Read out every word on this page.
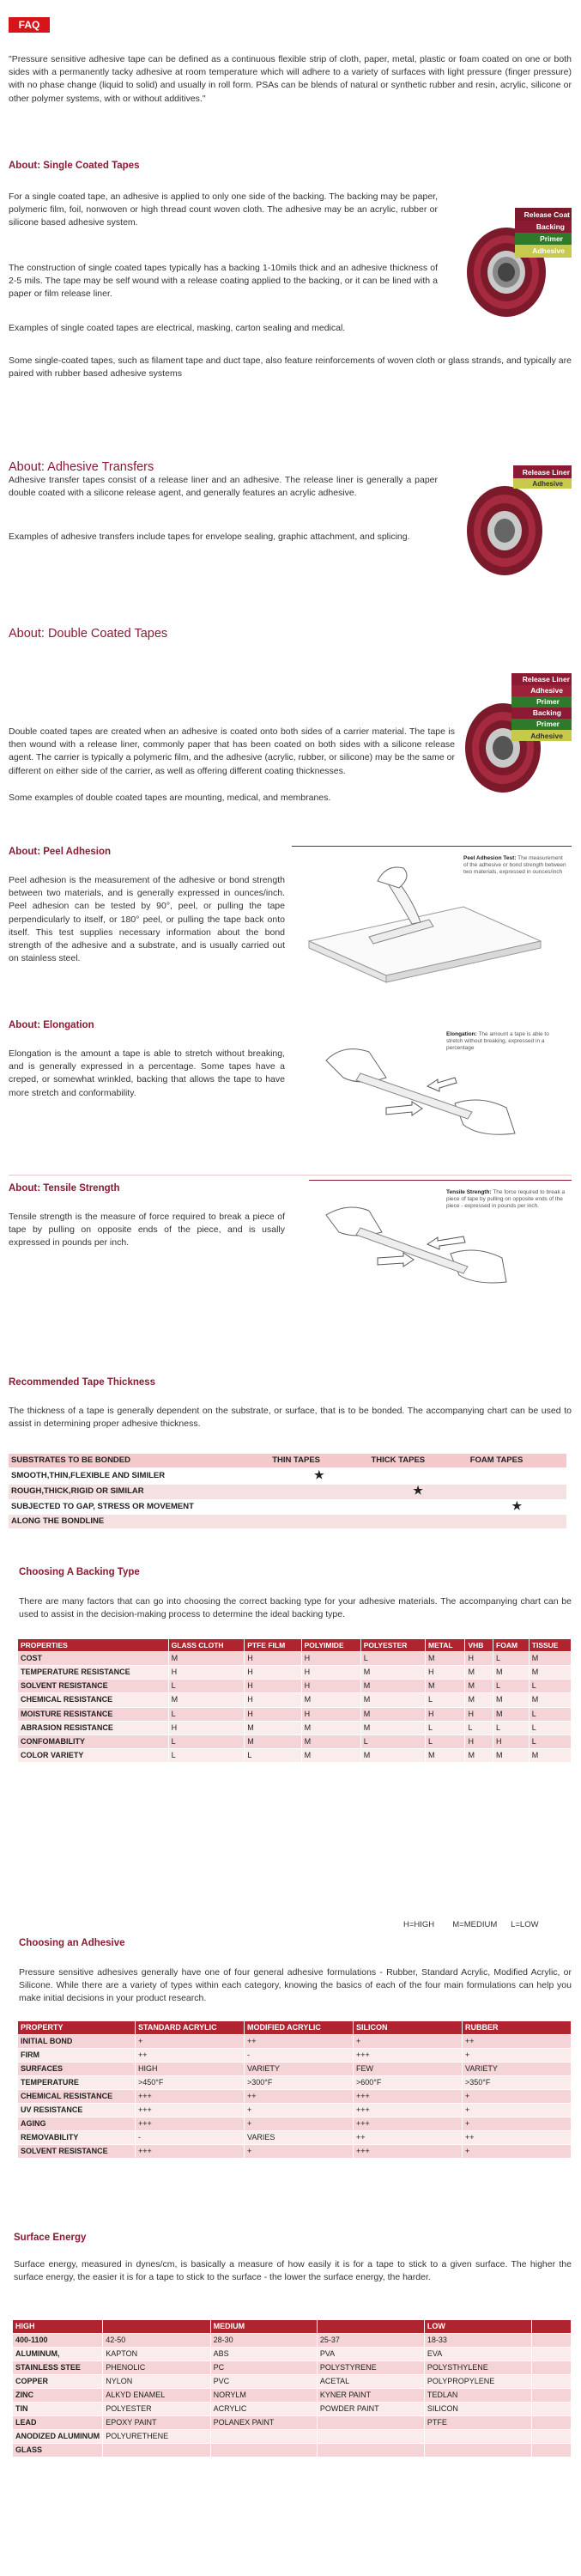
FAQ
"Pressure sensitive adhesive tape can be defined as a continuous flexible strip of cloth, paper, metal, plastic or foam coated on one or both sides with a permanently tacky adhesive at room temperature which will adhere to a variety of surfaces with light pressure (finger pressure) with no phase change (liquid to solid) and usually in roll form. PSAs can be blends of natural or synthetic rubber and resin, acrylic, silicone or other polymer systems, with or without additives."
About: Single Coated Tapes
For a single coated tape, an adhesive is applied to only one side of the backing. The backing may be paper, polymeric film, foil, nonwoven or high thread count woven cloth. The adhesive may be an acrylic, rubber or silicone based adhesive system.
The construction of single coated tapes typically has a backing 1-10mils thick and an adhesive thickness of 2-5 mils. The tape may be self wound with a release coating applied to the backing, or it can be lined with a paper or film release liner.
Examples of single coated tapes are electrical, masking, carton sealing and medical.
Some single-coated tapes, such as filament tape and duct tape, also feature reinforcements of woven cloth or glass strands, and typically are paired with rubber based adhesive systems
Release Coat
Backing
Primer
Adhesive
About: Adhesive Transfers
Adhesive transfer tapes consist of a release liner and an adhesive. The release liner is generally a paper double coated with a silicone release agent, and generally features an acrylic adhesive.
Examples of adhesive transfers include tapes for envelope sealing, graphic attachment, and splicing.
Release Liner
Adhesive
About: Double Coated Tapes
Double coated tapes are created when an adhesive is coated onto both sides of a carrier material. The tape is then wound with a release liner, commonly paper that has been coated on both sides with a silicone release agent. The carrier is typically a polymeric film, and the adhesive (acrylic, rubber, or silicone) may be the same or different on either side of the carrier, as well as offering different coating thicknesses.
Some examples of double coated tapes are mounting, medical, and membranes.
Release Liner
Adhesive
Primer
Backing
Primer
Adhesive
About: Peel Adhesion
Peel adhesion is the measurement of the adhesive or bond strength between two materials, and is generally expressed in ounces/inch. Peel adhesion can be tested by 90°, peel, or pulling the tape perpendicularly to itself, or 180° peel, or pulling the tape back onto itself. This test supplies necessary information about the bond strength of the adhesive and a substrate, and is usually carried out on stainless steel.
Peel Adhesion Test: The measurement of the adhesive or bond strength between two materials, expressed in ounces/inch
About: Elongation
Elongation is the amount a tape is able to stretch without breaking, and is generally expressed in a percentage. Some tapes have a creped, or somewhat wrinkled, backing that allows the tape to have more stretch and conformability.
Elongation: The amount a tape is able to stretch without breaking, expressed in a percentage
About: Tensile Strength
Tensile strength is the measure of force required to break a piece of tape by pulling on opposite ends of the piece, and is usally expressed in pounds per inch.
Tensile Strength: The force required to break a piece of tape by pulling on opposite ends of the piece - expressed in pounds per inch.
Recommended Tape Thickness
The thickness of a tape is generally dependent on the substrate, or surface, that is to be bonded. The accompanying chart can be used to assist in determining proper adhesive thickness.
SUBSTRATES TO BE BONDED	THIN TAPES	THICK TAPES	FOAM TAPES
SMOOTH,THIN,FLEXIBLE AND SIMILER	★		
ROUGH,THICK,RIGID OR SIMILAR		★	
SUBJECTED TO GAP, STRESS OR MOVEMENT			★
ALONG THE BONDLINE			
Choosing A Backing Type
There are many factors that can go into choosing the correct backing type for your adhesive materials. The accompanying chart can be used to assist in the decision-making process to determine the ideal backing type.
PROPERTIES	GLASS CLOTH	PTFE FILM	POLYIMIDE	POLYESTER	METAL	VHB	FOAM	TISSUE
COST	M	H	H	L	M	H	L	M
TEMPERATURE RESISTANCE	H	H	H	M	H	M	M	M
SOLVENT RESISTANCE	L	H	H	M	M	M	L	L
CHEMICAL RESISTANCE	M	H	M	M	L	M	M	M
MOISTURE RESISTANCE	L	H	H	M	H	H	M	L
ABRASION RESISTANCE	H	M	M	M	L	L	L	L
CONFOMABILITY	L	M	M	L	L	H	H	L
COLOR VARIETY	L	L	M	M	M	M	M	M
H=HIGH        M=MEDIUM      L=LOW
Choosing an Adhesive
Pressure sensitive adhesives generally have one of four general adhesive formulations - Rubber, Standard Acrylic, Modified Acrylic, or Silicone. While there are a variety of types within each category, knowing the basics of each of the four main formulations can help you make initial decisions in your product research.
PROPERTY	STANDARD ACRYLIC	MODIFIED ACRYLIC	SILICON	RUBBER
INITIAL BOND	+	++	+	++
FIRM	++	-	+++	+
SURFACES	HIGH	VARIETY	FEW	VARIETY
TEMPERATURE	>450°F	>300°F	>600°F	>350°F
CHEMICAL RESISTANCE	+++	++	+++	+
UV RESISTANCE	+++	+	+++	+
AGING	+++	+	+++	+
REMOVABILITY	-	VARIES	++	++
SOLVENT RESISTANCE	+++	+	+++	+
Surface Energy
Surface energy, measured in dynes/cm, is basically a measure of how easily it is for a tape to stick to a given surface. The higher the surface energy, the easier it is for a tape to stick to the surface - the lower the surface energy, the harder.
HIGH		MEDIUM		LOW	
400-1100	42-50	28-30	25-37	18-33	
ALUMINUM,	KAPTON	ABS	PVA	EVA	
STAINLESS STEE	PHENOLIC	PC	POLYSTYRENE	POLYSTHYLENE	
COPPER	NYLON	PVC	ACETAL	POLYPROPYLENE	
ZINC	ALKYD ENAMEL	NORYLM	KYNER PAINT	TEDLAN	
TIN	POLYESTER	ACRYLIC	POWDER PAINT	SILICON	
LEAD	EPOXY PAINT	POLANEX PAINT		PTFE	
ANODIZED ALUMINUM	POLYURETHENE				
GLASS					
